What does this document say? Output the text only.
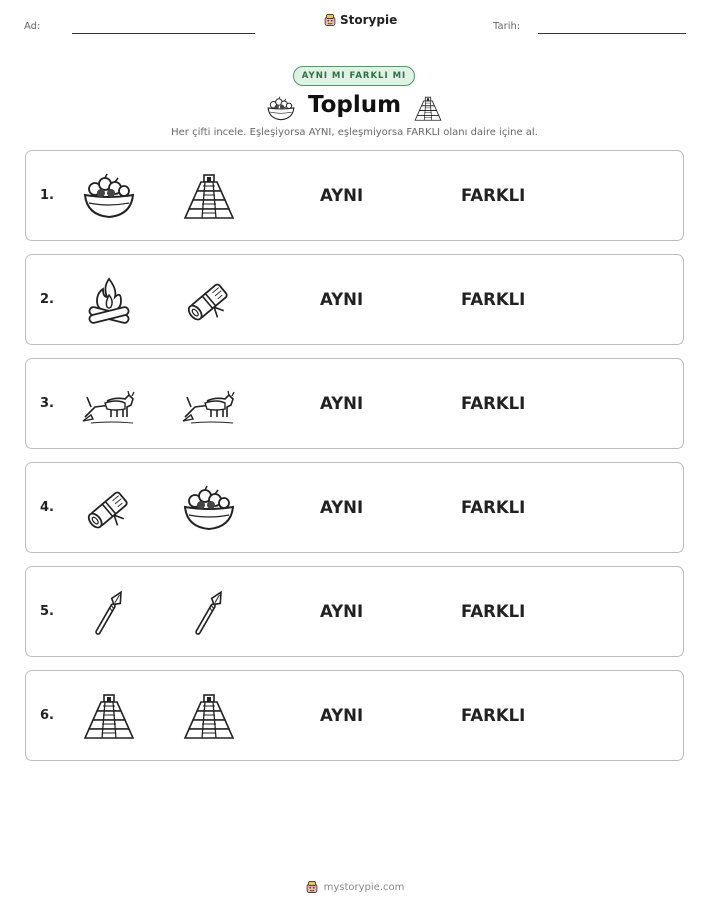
Ad:	Storypie	Tarih:
AYNI MI FARKLI MI
Toplum
Her çifti incele. Eşleşiyorsa AYNI, eşleşmiyorsa FARKLI olanı daire içine al.
1.	AYNI	FARKLI
2.	AYNI	FARKLI
3.	AYNI	FARKLI
4.	AYNI	FARKLI
5.	AYNI	FARKLI
6.	AYNI	FARKLI
mystorypie.com
